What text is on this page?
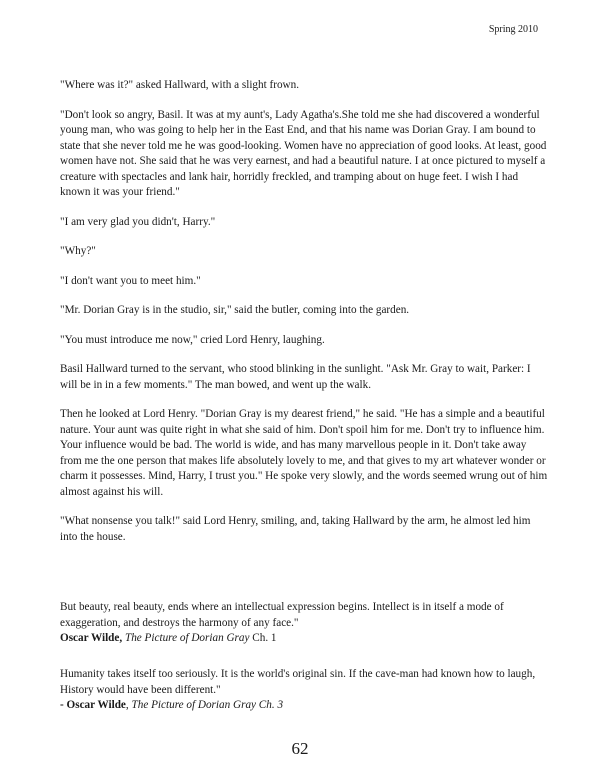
Spring 2010

"Where was it?" asked Hallward, with a slight frown.

"Don't look so angry, Basil. It was at my aunt's, Lady Agatha's.She told me she had discovered a wonderful young man, who was going to help her in the East End, and that his name was Dorian Gray. I am bound to state that she never told me he was good-looking. Women have no appreciation of good looks. At least, good women have not. She said that he was very earnest, and had a beautiful nature. I at once pictured to myself a creature with spectacles and lank hair, horridly freckled, and tramping about on huge feet. I wish I had known it was your friend."

"I am very glad you didn't, Harry."

"Why?"

"I don't want you to meet him."

"Mr. Dorian Gray is in the studio, sir," said the butler, coming into the garden.

"You must introduce me now," cried Lord Henry, laughing.

Basil Hallward turned to the servant, who stood blinking in the sunlight. "Ask Mr. Gray to wait, Parker: I will be in in a few moments." The man bowed, and went up the walk.

Then he looked at Lord Henry. "Dorian Gray is my dearest friend," he said. "He has a simple and a beautiful nature. Your aunt was quite right in what she said of him. Don't spoil him for me. Don't try to influence him. Your influence would be bad. The world is wide, and has many marvellous people in it. Don't take away from me the one person that makes life absolutely lovely to me, and that gives to my art whatever wonder or charm it possesses. Mind, Harry, I trust you." He spoke very slowly, and the words seemed wrung out of him almost against his will.

"What nonsense you talk!" said Lord Henry, smiling, and, taking Hallward by the arm, he almost led him into the house.

But beauty, real beauty, ends where an intellectual expression begins. Intellect is in itself a mode of exaggeration, and destroys the harmony of any face."

Oscar Wilde, The Picture of Dorian Gray Ch. 1

Humanity takes itself too seriously. It is the world's original sin. If the cave-man had known how to laugh, History would have been different."

- Oscar Wilde, The Picture of Dorian Gray Ch. 3

62
